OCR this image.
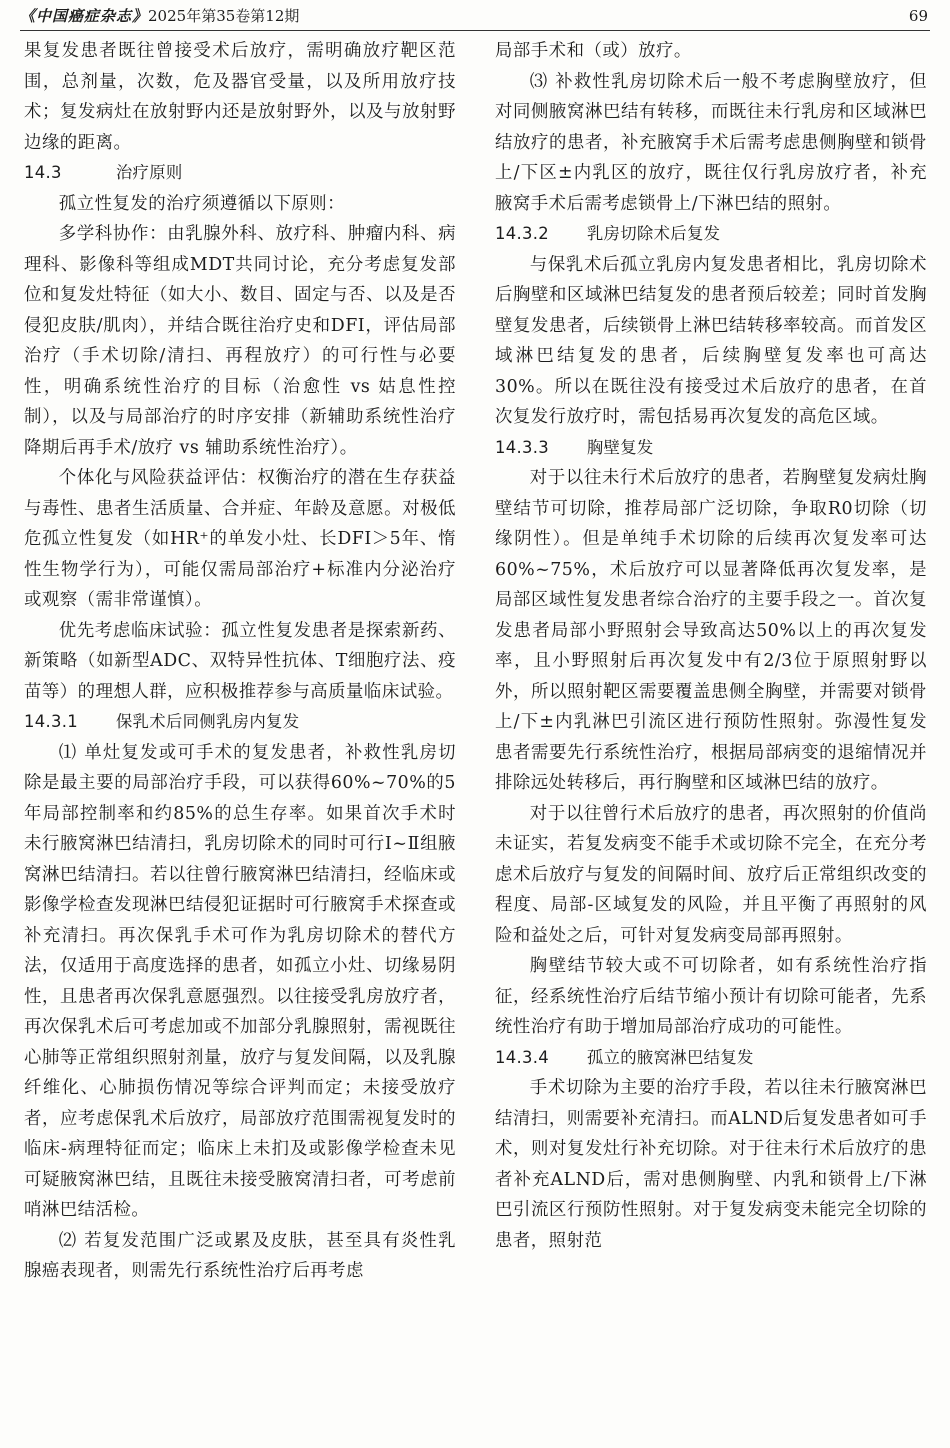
《中国癌症杂志》2025年第35卷第12期	69

果复发患者既往曾接受术后放疗，需明确放疗靶区范围，总剂量，次数，危及器官受量，以及所用放疗技术；复发病灶在放射野内还是放射野外，以及与放射野边缘的距离。

14.3	治疗原则

孤立性复发的治疗须遵循以下原则：

多学科协作：由乳腺外科、放疗科、肿瘤内科、病理科、影像科等组成MDT共同讨论，充分考虑复发部位和复发灶特征（如大小、数目、固定与否、以及是否侵犯皮肤/肌肉），并结合既往治疗史和DFI，评估局部治疗（手术切除/清扫、再程放疗）的可行性与必要性，明确系统性治疗的目标（治愈性 vs 姑息性控制），以及与局部治疗的时序安排（新辅助系统性治疗降期后再手术/放疗 vs 辅助系统性治疗）。

个体化与风险获益评估：权衡治疗的潜在生存获益与毒性、患者生活质量、合并症、年龄及意愿。对极低危孤立性复发（如HR⁺的单发小灶、长DFI＞5年、惰性生物学行为），可能仅需局部治疗+标准内分泌治疗或观察（需非常谨慎）。

优先考虑临床试验：孤立性复发患者是探索新药、新策略（如新型ADC、双特异性抗体、T细胞疗法、疫苗等）的理想人群，应积极推荐参与高质量临床试验。

14.3.1 保乳术后同侧乳房内复发

⑴ 单灶复发或可手术的复发患者，补救性乳房切除是最主要的局部治疗手段，可以获得60%~70%的5年局部控制率和约85%的总生存率。如果首次手术时未行腋窝淋巴结清扫，乳房切除术的同时可行Ⅰ~Ⅱ组腋窝淋巴结清扫。若以往曾行腋窝淋巴结清扫，经临床或影像学检查发现淋巴结侵犯证据时可行腋窝手术探查或补充清扫。再次保乳手术可作为乳房切除术的替代方法，仅适用于高度选择的患者，如孤立小灶、切缘易阴性，且患者再次保乳意愿强烈。以往接受乳房放疗者，再次保乳术后可考虑加或不加部分乳腺照射，需视既往心肺等正常组织照射剂量，放疗与复发间隔，以及乳腺纤维化、心肺损伤情况等综合评判而定；未接受放疗者，应考虑保乳术后放疗，局部放疗范围需视复发时的临床-病理特征而定；临床上未扪及或影像学检查未见可疑腋窝淋巴结，且既往未接受腋窝清扫者，可考虑前哨淋巴结活检。

⑵ 若复发范围广泛或累及皮肤，甚至具有炎性乳腺癌表现者，则需先行系统性治疗后再考虑

局部手术和（或）放疗。

⑶ 补救性乳房切除术后一般不考虑胸壁放疗，但对同侧腋窝淋巴结有转移，而既往未行乳房和区域淋巴结放疗的患者，补充腋窝手术后需考虑患侧胸壁和锁骨上/下区±内乳区的放疗，既往仅行乳房放疗者，补充腋窝手术后需考虑锁骨上/下淋巴结的照射。

14.3.2 乳房切除术后复发

与保乳术后孤立乳房内复发患者相比，乳房切除术后胸壁和区域淋巴结复发的患者预后较差；同时首发胸壁复发患者，后续锁骨上淋巴结转移率较高。而首发区域淋巴结复发的患者，后续胸壁复发率也可高达30%。所以在既往没有接受过术后放疗的患者，在首次复发行放疗时，需包括易再次复发的高危区域。

14.3.3 胸壁复发

对于以往未行术后放疗的患者，若胸壁复发病灶胸壁结节可切除，推荐局部广泛切除，争取R0切除（切缘阴性）。但是单纯手术切除的后续再次复发率可达60%~75%，术后放疗可以显著降低再次复发率，是局部区域性复发患者综合治疗的主要手段之一。首次复发患者局部小野照射会导致高达50%以上的再次复发率，且小野照射后再次复发中有2/3位于原照射野以外，所以照射靶区需要覆盖患侧全胸壁，并需要对锁骨上/下±内乳淋巴引流区进行预防性照射。弥漫性复发患者需要先行系统性治疗，根据局部病变的退缩情况并排除远处转移后，再行胸壁和区域淋巴结的放疗。

对于以往曾行术后放疗的患者，再次照射的价值尚未证实，若复发病变不能手术或切除不完全，在充分考虑术后放疗与复发的间隔时间、放疗后正常组织改变的程度、局部-区域复发的风险，并且平衡了再照射的风险和益处之后，可针对复发病变局部再照射。

胸壁结节较大或不可切除者，如有系统性治疗指征，经系统性治疗后结节缩小预计有切除可能者，先系统性治疗有助于增加局部治疗成功的可能性。

14.3.4 孤立的腋窝淋巴结复发

手术切除为主要的治疗手段，若以往未行腋窝淋巴结清扫，则需要补充清扫。而ALND后复发患者如可手术，则对复发灶行补充切除。对于往未行术后放疗的患者补充ALND后，需对患侧胸壁、内乳和锁骨上/下淋巴引流区行预防性照射。对于复发病变未能完全切除的患者，照射范
